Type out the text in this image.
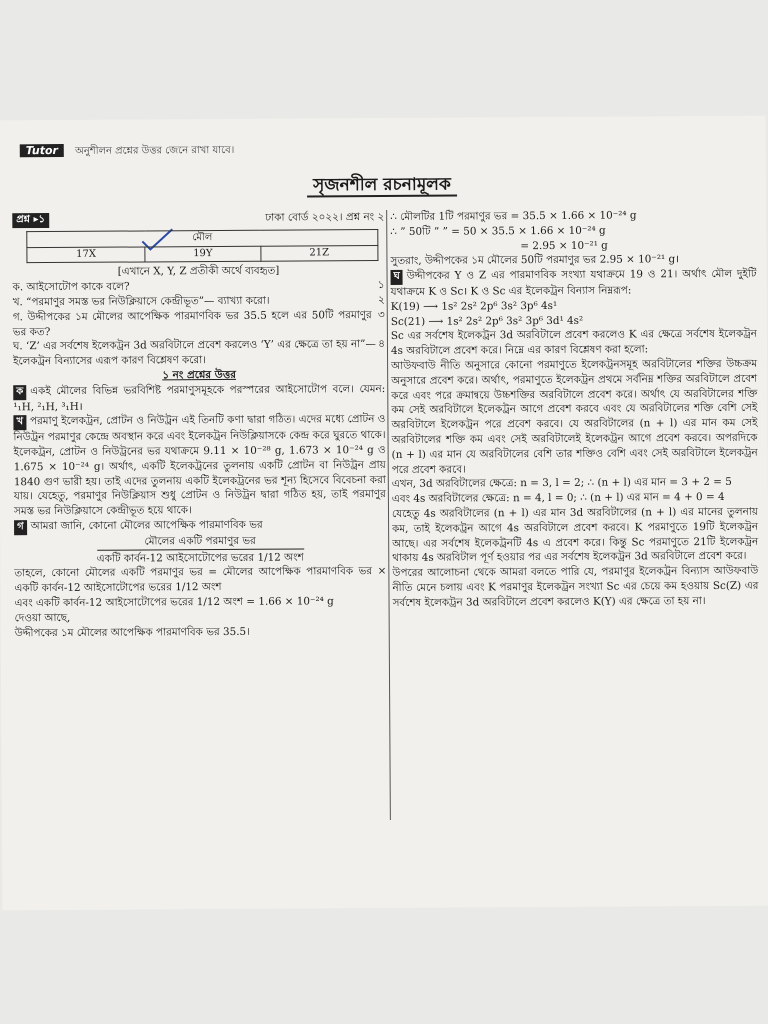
Tutor অনুশীলন প্রশ্নের উত্তর জেনে রাখা যাবে।
সৃজনশীল রচনামূলক
প্রশ্ন ▸১	ঢাকা বোর্ড ২০২২। প্রশ্ন নং ২
মৌল
17X	19Y	21Z
[এখানে X, Y, Z প্রতীকী অর্থে ব্যবহৃত]
ক. আইসোটোপ কাকে বলে?	১
খ. “পরমাণুর সমস্ত ভর নিউক্লিয়াসে কেন্দ্রীভূত”— ব্যাখ্যা করো।	২
গ. উদ্দীপকের ১ম মৌলের আপেক্ষিক পারমাণবিক ভর 35.5 হলে এর 50টি পরমাণুর ভর কত?
৩
ঘ. ‘Z’ এর সর্বশেষ ইলেকট্রন 3d অরবিটালে প্রবেশ করলেও ‘Y’ এর ক্ষেত্রে তা হয় না”— ইলেকট্রন বিন্যাসের এরূপ কারণ বিশ্লেষণ করো।
৪
১ নং প্রশ্নের উত্তর
ক একই মৌলের বিভিন্ন ভরবিশিষ্ট পরমাণুসমূহকে পরস্পরের আইসোটোপ বলে। যেমন: ¹₁H, ²₁H, ³₁H।
খ পরমাণু ইলেকট্রন, প্রোটন ও নিউট্রন এই তিনটি কণা দ্বারা গঠিত। এদের মধ্যে প্রোটন ও নিউট্রন পরমাণুর কেন্দ্রে অবস্থান করে এবং ইলেকট্রন নিউক্লিয়াসকে কেন্দ্র করে ঘুরতে থাকে। ইলেকট্রন, প্রোটন ও নিউট্রনের ভর যথাক্রমে 9.11 × 10⁻²⁸ g, 1.673 × 10⁻²⁴ g ও 1.675 × 10⁻²⁴ g। অর্থাৎ, একটি ইলেকট্রনের তুলনায় একটি প্রোটন বা নিউট্রন প্রায় 1840 গুণ ভারী হয়। তাই এদের তুলনায় একটি ইলেকট্রনের ভর শূন্য হিসেবে বিবেচনা করা যায়। যেহেতু, পরমাণুর নিউক্লিয়াস শুধু প্রোটন ও নিউট্রন দ্বারা গঠিত হয়, তাই পরমাণুর সমস্ত ভর নিউক্লিয়াসে কেন্দ্রীভূত হয়ে থাকে।
গ আমরা জানি, কোনো মৌলের আপেক্ষিক পারমাণবিক ভর
মৌলের একটি পরমাণুর ভর
একটি কার্বন-12 আইসোটোপের ভরের 1/12 অংশ
তাহলে, কোনো মৌলের একটি পরমাণুর ভর = মৌলের আপেক্ষিক পারমাণবিক ভর × একটি কার্বন-12 আইসোটোপের ভরের 1/12 অংশ
এবং একটি কার্বন-12 আইসোটোপের ভরের 1/12 অংশ = 1.66 × 10⁻²⁴ g
দেওয়া আছে,
উদ্দীপকের ১ম মৌলের আপেক্ষিক পারমাণবিক ভর 35.5।
∴ মৌলটির 1টি পরমাণুর ভর = 35.5 × 1.66 × 10⁻²⁴ g
∴ ” 50টি ” ” = 50 × 35.5 × 1.66 × 10⁻²⁴ g
= 2.95 × 10⁻²¹ g
সুতরাং, উদ্দীপকের ১ম মৌলের 50টি পরমাণুর ভর 2.95 × 10⁻²¹ g।
ঘ উদ্দীপকের Y ও Z এর পারমাণবিক সংখ্যা যথাক্রমে 19 ও 21। অর্থাৎ মৌল দুইটি যথাক্রমে K ও Sc। K ও Sc এর ইলেকট্রন বিন্যাস নিম্নরূপ:
K(19) ⟶ 1s² 2s² 2p⁶ 3s² 3p⁶ 4s¹
Sc(21) ⟶ 1s² 2s² 2p⁶ 3s² 3p⁶ 3d¹ 4s²
Sc এর সর্বশেষ ইলেকট্রন 3d অরবিটালে প্রবেশ করলেও K এর ক্ষেত্রে সর্বশেষ ইলেকট্রন 4s অরবিটালে প্রবেশ করে। নিম্নে এর কারণ বিশ্লেষণ করা হলো:
আউফবাউ নীতি অনুসারে কোনো পরমাণুতে ইলেকট্রনসমূহ অরবিটালের শক্তির উচ্চক্রম অনুসারে প্রবেশ করে। অর্থাৎ, পরমাণুতে ইলেকট্রন প্রথমে সর্বনিম্ন শক্তির অরবিটালে প্রবেশ করে এবং পরে ক্রমান্বয়ে উচ্চশক্তির অরবিটালে প্রবেশ করে। অর্থাৎ যে অরবিটালের শক্তি কম সেই অরবিটালে ইলেকট্রন আগে প্রবেশ করবে এবং যে অরবিটালের শক্তি বেশি সেই অরবিটালে ইলেকট্রন পরে প্রবেশ করবে। যে অরবিটালের (n + l) এর মান কম সেই অরবিটালের শক্তি কম এবং সেই অরবিটালেই ইলেকট্রন আগে প্রবেশ করবে। অপরদিকে (n + l) এর মান যে অরবিটালের বেশি তার শক্তিও বেশি এবং সেই অরবিটালে ইলেকট্রন পরে প্রবেশ করবে।
এখন, 3d অরবিটালের ক্ষেত্রে: n = 3, l = 2; ∴ (n + l) এর মান = 3 + 2 = 5
এবং 4s অরবিটালের ক্ষেত্রে: n = 4, l = 0; ∴ (n + l) এর মান = 4 + 0 = 4
যেহেতু 4s অরবিটালের (n + l) এর মান 3d অরবিটালের (n + l) এর মানের তুলনায় কম, তাই ইলেকট্রন আগে 4s অরবিটালে প্রবেশ করবে। K পরমাণুতে 19টি ইলেকট্রন আছে। এর সর্বশেষ ইলেকট্রনটি 4s এ প্রবেশ করে। কিন্তু Sc পরমাণুতে 21টি ইলেকট্রন থাকায় 4s অরবিটাল পূর্ণ হওয়ার পর এর সর্বশেষ ইলেকট্রন 3d অরবিটালে প্রবেশ করে।
উপরের আলোচনা থেকে আমরা বলতে পারি যে, পরমাণুর ইলেকট্রন বিন্যাস আউফবাউ নীতি মেনে চলায় এবং K পরমাণুর ইলেকট্রন সংখ্যা Sc এর চেয়ে কম হওয়ায় Sc(Z) এর সর্বশেষ ইলেকট্রন 3d অরবিটালে প্রবেশ করলেও K(Y) এর ক্ষেত্রে তা হয় না।
